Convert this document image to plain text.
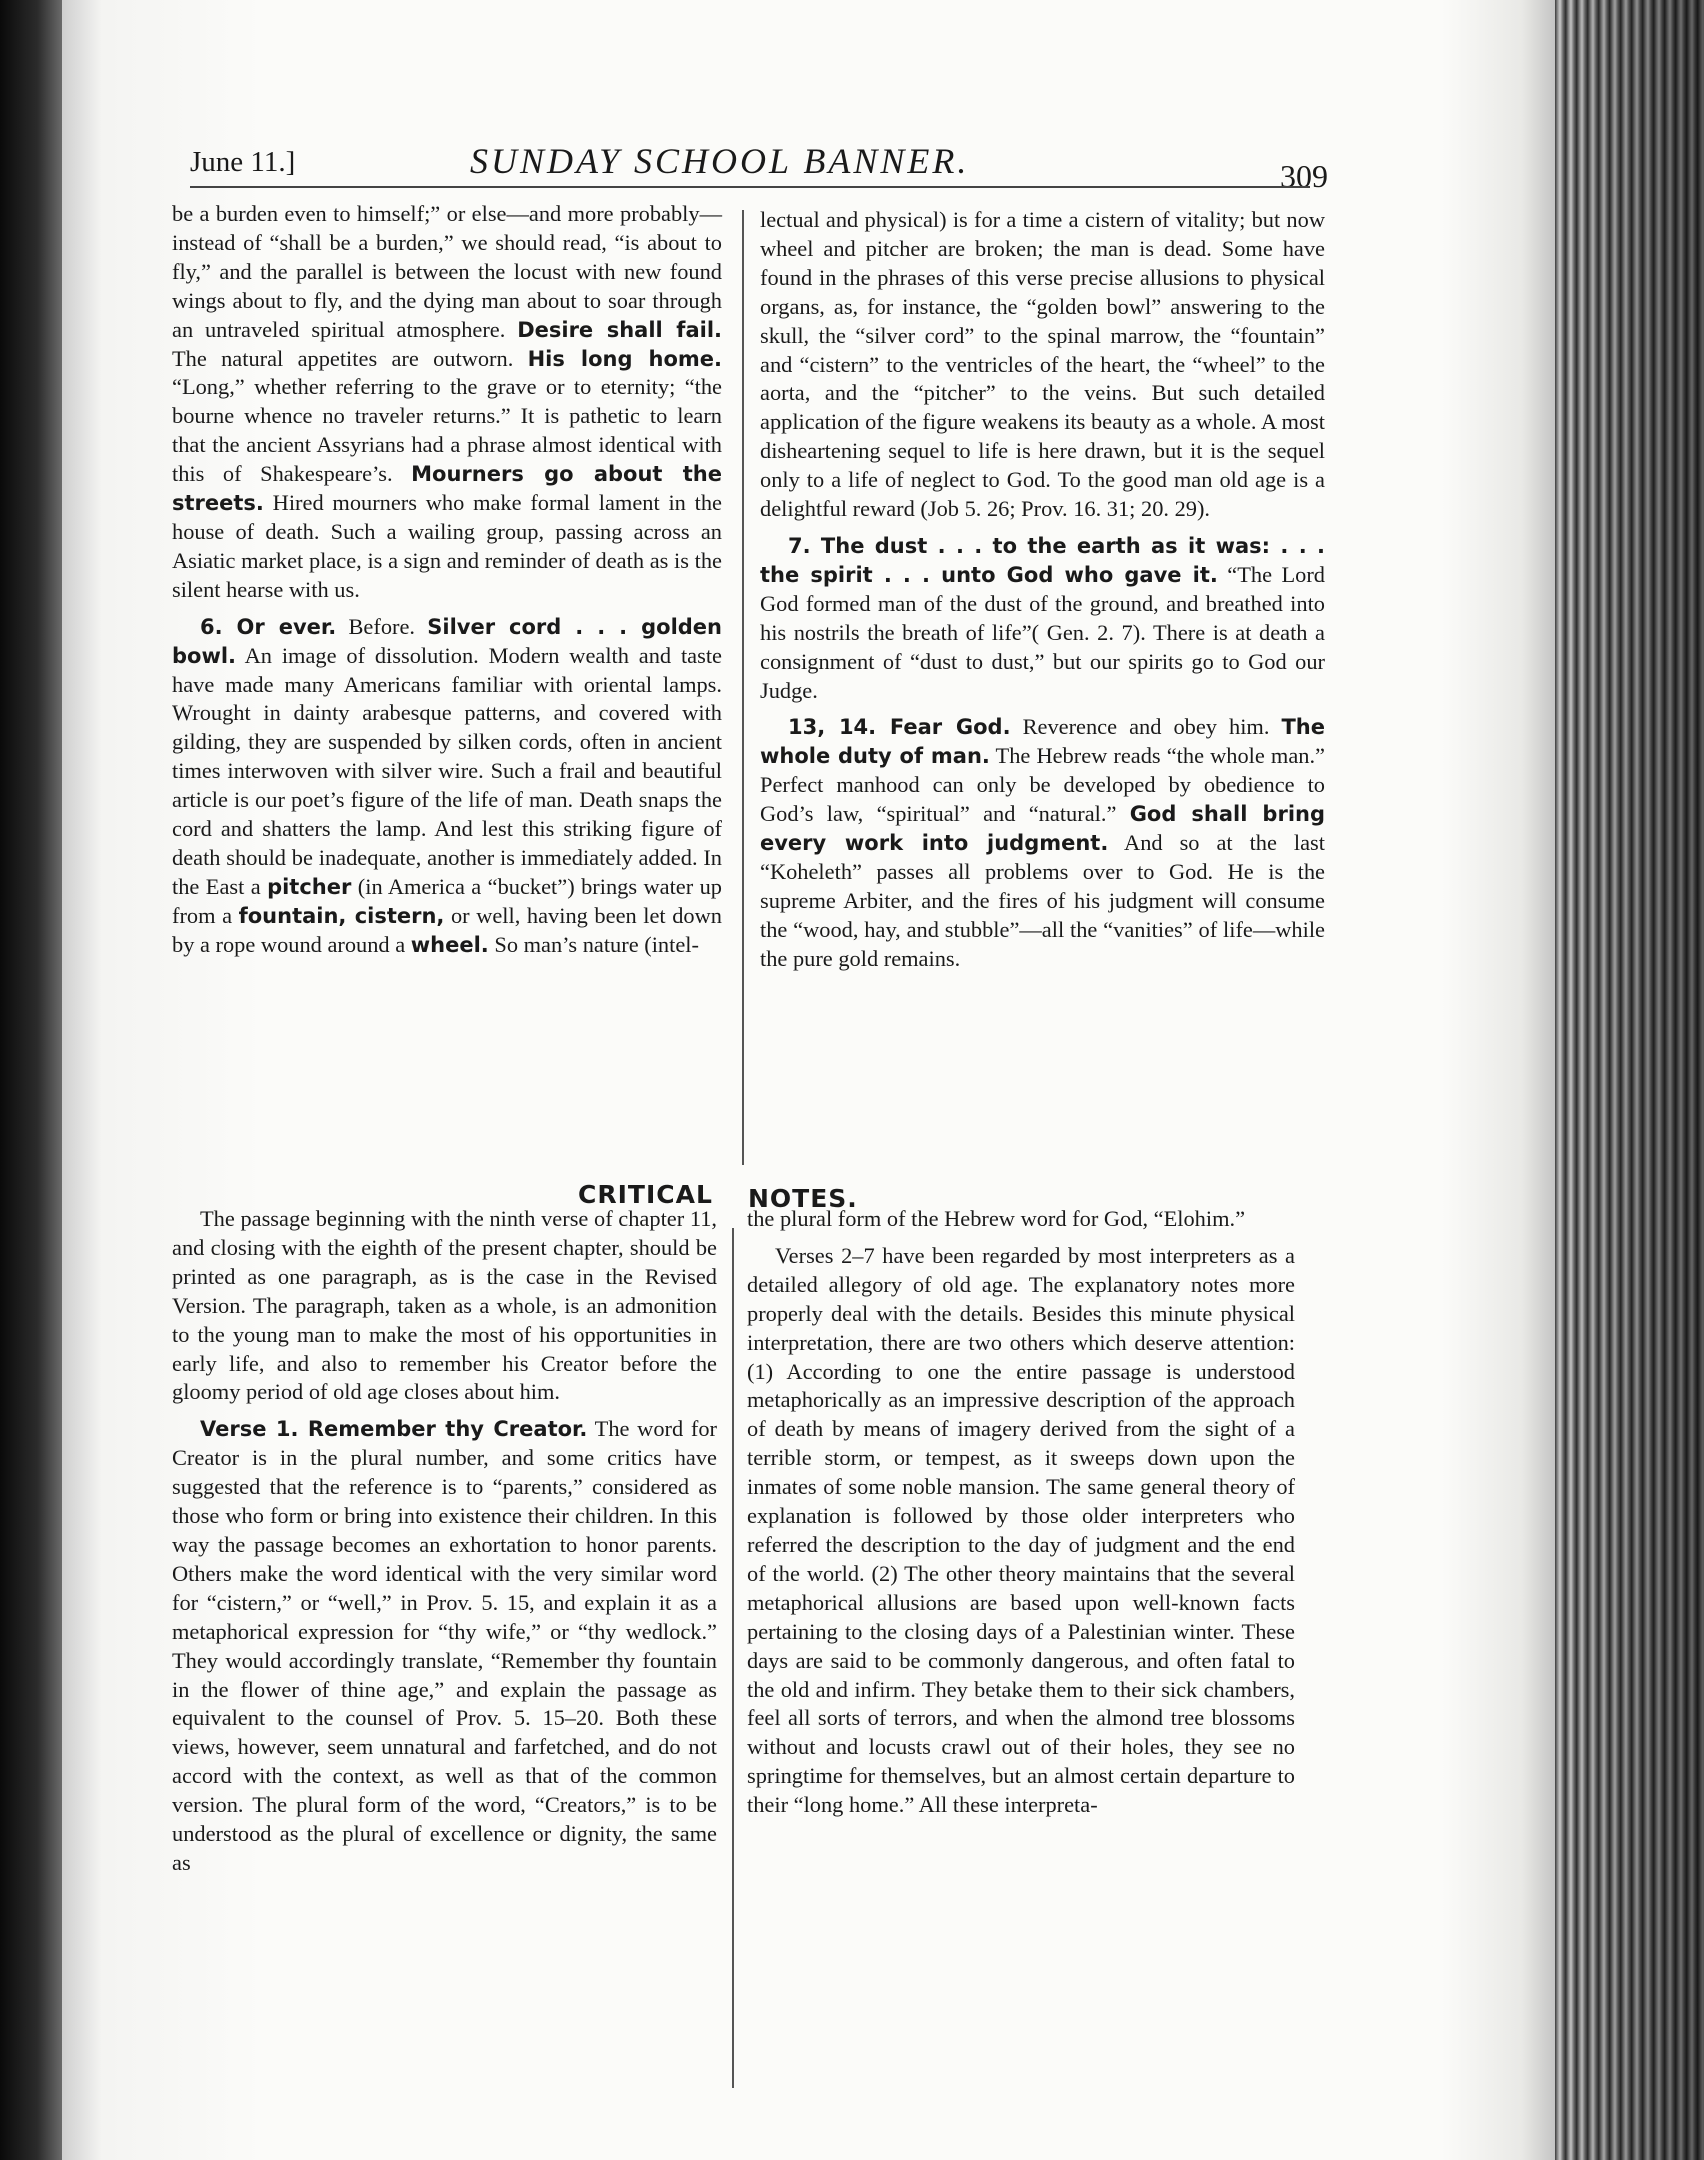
June 11.]	SUNDAY SCHOOL BANNER.	309

be a burden even to himself;” or else—and more probably—instead of “shall be a burden,” we should read, “is about to fly,” and the parallel is between the locust with new found wings about to fly, and the dying man about to soar through an untraveled spiritual atmosphere. Desire shall fail. The natural appetites are outworn. His long home. “Long,” whether referring to the grave or to eternity; “the bourne whence no traveler returns.” It is pathetic to learn that the ancient Assyrians had a phrase almost identical with this of Shakespeare’s. Mourners go about the streets. Hired mourners who make formal lament in the house of death. Such a wailing group, passing across an Asiatic market place, is a sign and reminder of death as is the silent hearse with us.

6. Or ever. Before. Silver cord . . . golden bowl. An image of dissolution. Modern wealth and taste have made many Americans familiar with oriental lamps. Wrought in dainty arabesque patterns, and covered with gilding, they are suspended by silken cords, often in ancient times interwoven with silver wire. Such a frail and beautiful article is our poet’s figure of the life of man. Death snaps the cord and shatters the lamp. And lest this striking figure of death should be inadequate, another is immediately added. In the East a pitcher (in America a “bucket”) brings water up from a fountain, cistern, or well, having been let down by a rope wound around a wheel. So man’s nature (intel-

lectual and physical) is for a time a cistern of vitality; but now wheel and pitcher are broken; the man is dead. Some have found in the phrases of this verse precise allusions to physical organs, as, for instance, the “golden bowl” answering to the skull, the “silver cord” to the spinal marrow, the “fountain” and “cistern” to the ventricles of the heart, the “wheel” to the aorta, and the “pitcher” to the veins. But such detailed application of the figure weakens its beauty as a whole. A most disheartening sequel to life is here drawn, but it is the sequel only to a life of neglect to God. To the good man old age is a delightful reward (Job 5. 26; Prov. 16. 31; 20. 29).

7. The dust . . . to the earth as it was: . . . the spirit . . . unto God who gave it. “The Lord God formed man of the dust of the ground, and breathed into his nostrils the breath of life”( Gen. 2. 7). There is at death a consignment of “dust to dust,” but our spirits go to God our Judge.

13, 14. Fear God. Reverence and obey him. The whole duty of man. The Hebrew reads “the whole man.” Perfect manhood can only be developed by obedience to God’s law, “spiritual” and “natural.” God shall bring every work into judgment. And so at the last “Koheleth” passes all problems over to God. He is the supreme Arbiter, and the fires of his judgment will consume the “wood, hay, and stubble”—all the “vanities” of life—while the pure gold remains.

CRITICAL NOTES.

The passage beginning with the ninth verse of chapter 11, and closing with the eighth of the present chapter, should be printed as one paragraph, as is the case in the Revised Version. The paragraph, taken as a whole, is an admonition to the young man to make the most of his opportunities in early life, and also to remember his Creator before the gloomy period of old age closes about him.

Verse 1. Remember thy Creator. The word for Creator is in the plural number, and some critics have suggested that the reference is to “parents,” considered as those who form or bring into existence their children. In this way the passage becomes an exhortation to honor parents. Others make the word identical with the very similar word for “cistern,” or “well,” in Prov. 5. 15, and explain it as a metaphorical expression for “thy wife,” or “thy wedlock.” They would accordingly translate, “Remember thy fountain in the flower of thine age,” and explain the passage as equivalent to the counsel of Prov. 5. 15–20. Both these views, however, seem unnatural and farfetched, and do not accord with the context, as well as that of the common version. The plural form of the word, “Creators,” is to be understood as the plural of excellence or dignity, the same as

the plural form of the Hebrew word for God, “Elohim.”

Verses 2–7 have been regarded by most interpreters as a detailed allegory of old age. The explanatory notes more properly deal with the details. Besides this minute physical interpretation, there are two others which deserve attention: (1) According to one the entire passage is understood metaphorically as an impressive description of the approach of death by means of imagery derived from the sight of a terrible storm, or tempest, as it sweeps down upon the inmates of some noble mansion. The same general theory of explanation is followed by those older interpreters who referred the description to the day of judgment and the end of the world. (2) The other theory maintains that the several metaphorical allusions are based upon well-known facts pertaining to the closing days of a Palestinian winter. These days are said to be commonly dangerous, and often fatal to the old and infirm. They betake them to their sick chambers, feel all sorts of terrors, and when the almond tree blossoms without and locusts crawl out of their holes, they see no springtime for themselves, but an almost certain departure to their “long home.” All these interpreta-
